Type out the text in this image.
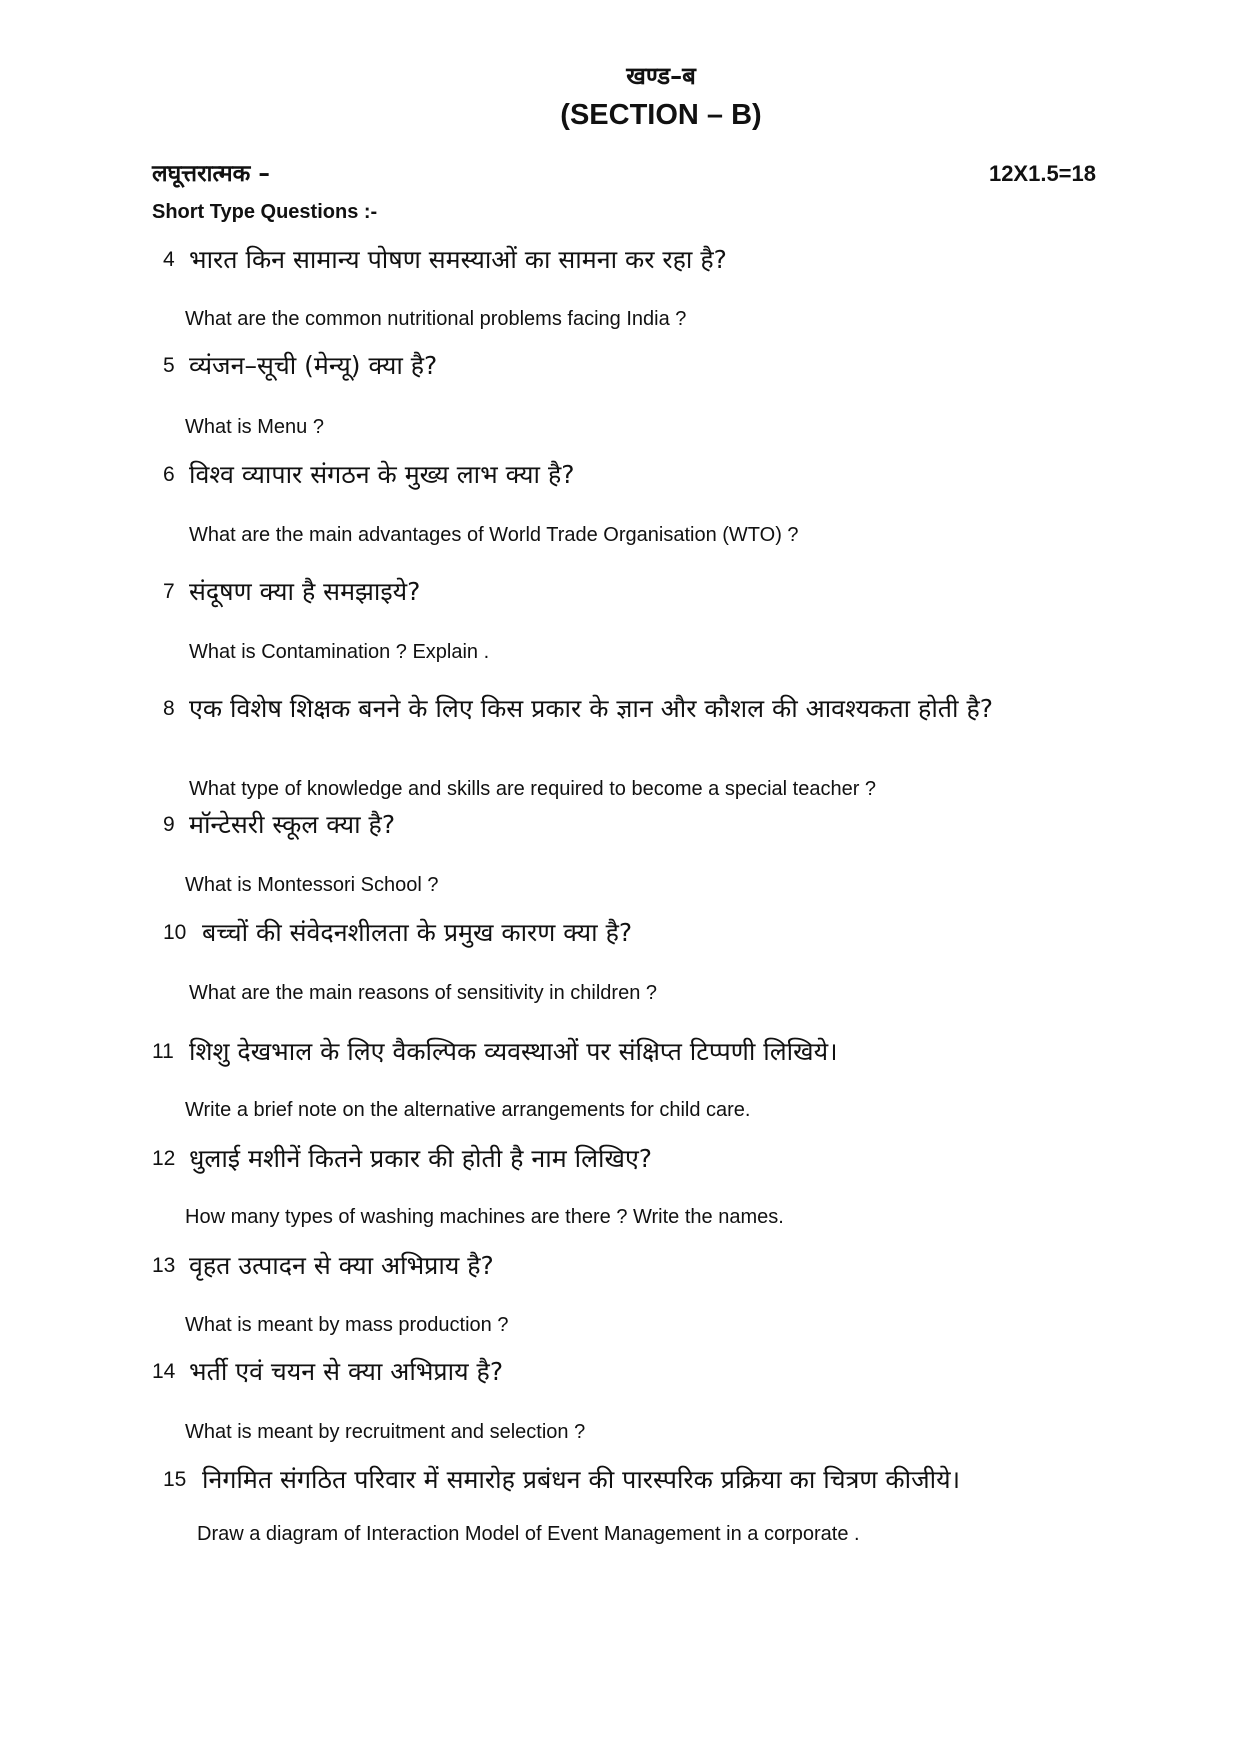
खण्ड–ब
(SECTION – B)
लघूत्तरात्मक –	12X1.5=18
Short Type Questions :-
4 भारत किन सामान्य पोषण समस्याओं का सामना कर रहा है?
What are the common nutritional problems facing India ?
5 व्यंजन–सूची (मेन्यू) क्या है?
What is Menu ?
6 विश्व व्यापार संगठन के मुख्य लाभ क्या है?
What are the main advantages of World Trade Organisation (WTO) ?
7 संदूषण क्या है समझाइये?
What is Contamination ? Explain .
8 एक विशेष शिक्षक बनने के लिए किस प्रकार के ज्ञान और कौशल की आवश्यकता होती है?
What type of knowledge and skills are required to become a special teacher ?
9 मॉन्टेसरी स्कूल क्या है?
What is Montessori School ?
10 बच्चों की संवेदनशीलता के प्रमुख कारण क्या है?
What are the main reasons of sensitivity in children ?
11 शिशु देखभाल के लिए वैकल्पिक व्यवस्थाओं पर संक्षिप्त टिप्पणी लिखिये।
Write a brief note on the alternative arrangements for child care.
12 धुलाई मशीनें कितने प्रकार की होती है नाम लिखिए?
How many types of washing machines are there ? Write the names.
13 वृहत उत्पादन से क्या अभिप्राय है?
What is meant by mass production ?
14 भर्ती एवं चयन से क्या अभिप्राय है?
What is meant by recruitment and selection ?
15 निगमित संगठित परिवार में समारोह प्रबंधन की पारस्परिक प्रक्रिया का चित्रण कीजीये।
Draw a diagram of Interaction Model of Event Management in a corporate .
